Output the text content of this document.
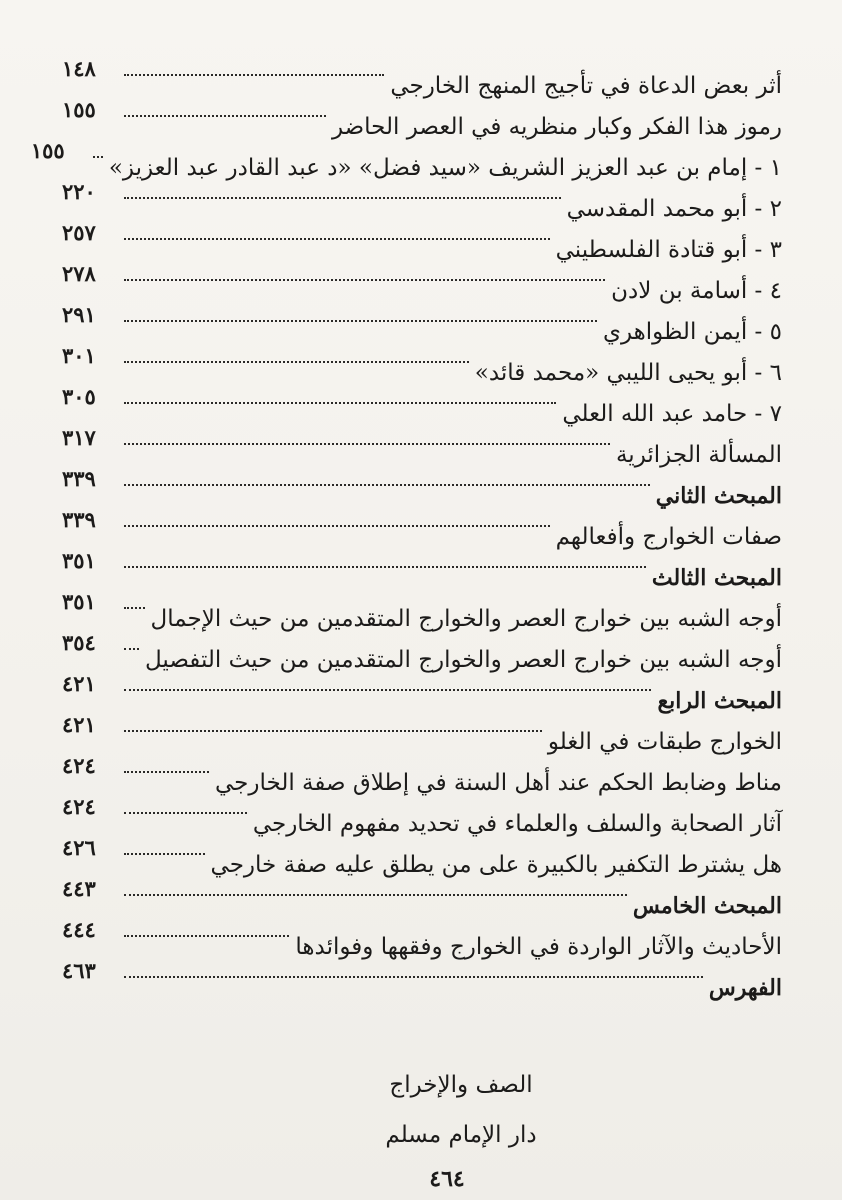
أثر بعض الدعاة في تأجيج المنهج الخارجي
١٤٨
رموز هذا الفكر وكبار منظريه في العصر الحاضر
١٥٥
١ - إمام بن عبد العزيز الشريف «سيد فضل» «د عبد القادر عبد العزيز»
١٥٥
٢ - أبو محمد المقدسي
٢٢٠
٣ - أبو قتادة الفلسطيني
٢٥٧
٤ - أسامة بن لادن
٢٧٨
٥ - أيمن الظواهري
٢٩١
٦ - أبو يحيى الليبي «محمد قائد»
٣٠١
٧ - حامد عبد الله العلي
٣٠٥
المسألة الجزائرية
٣١٧
المبحث الثاني
٣٣٩
صفات الخوارج وأفعالهم
٣٣٩
المبحث الثالث
٣٥١
أوجه الشبه بين خوارج العصر والخوارج المتقدمين من حيث الإجمال
٣٥١
أوجه الشبه بين خوارج العصر والخوارج المتقدمين من حيث التفصيل
٣٥٤
المبحث الرابع
٤٢١
الخوارج طبقات في الغلو
٤٢١
مناط وضابط الحكم عند أهل السنة في إطلاق صفة الخارجي
٤٢٤
آثار الصحابة والسلف والعلماء في تحديد مفهوم الخارجي
٤٢٤
هل يشترط التكفير بالكبيرة على من يطلق عليه صفة خارجي
٤٢٦
المبحث الخامس
٤٤٣
الأحاديث والآثار الواردة في الخوارج وفقهها وفوائدها
٤٤٤
الفهرس
٤٦٣
الصف والإخراج
دار الإمام مسلم
٤٦٤
